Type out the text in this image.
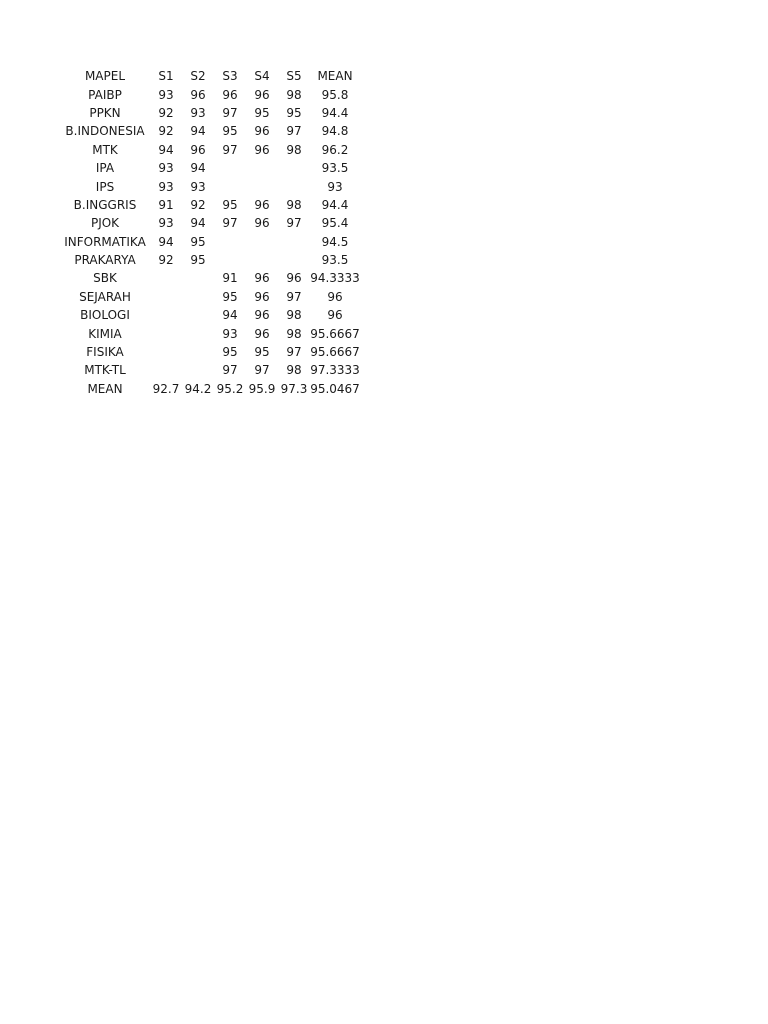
MAPEL	S1	S2	S3	S4	S5	MEAN
PAIBP	93	96	96	96	98	95.8
PPKN	92	93	97	95	95	94.4
B.INDONESIA	92	94	95	96	97	94.8
MTK	94	96	97	96	98	96.2
IPA	93	94				93.5
IPS	93	93				93
B.INGGRIS	91	92	95	96	98	94.4
PJOK	93	94	97	96	97	95.4
INFORMATIKA	94	95				94.5
PRAKARYA	92	95				93.5
SBK			91	96	96	94.3333
SEJARAH			95	96	97	96
BIOLOGI			94	96	98	96
KIMIA			93	96	98	95.6667
FISIKA			95	95	97	95.6667
MTK-TL			97	97	98	97.3333
MEAN	92.7	94.2	95.2	95.9	97.3	95.0467
